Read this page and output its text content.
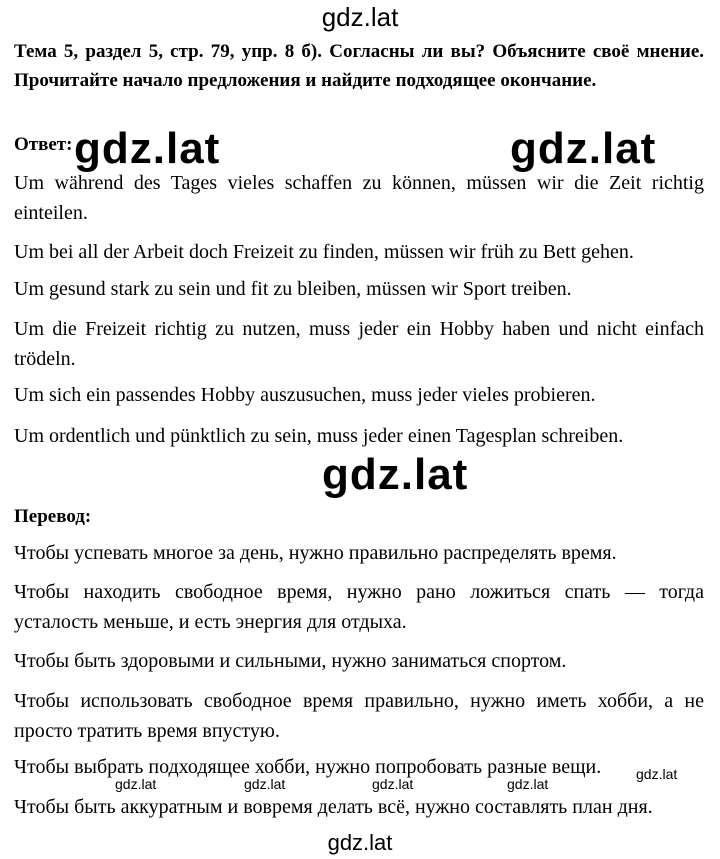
gdz.lat
Тема 5, раздел 5, стр. 79, упр. 8 б). Согласны ли вы? Объясните своё мнение. Прочитайте начало предложения и найдите подходящее окончание.
Ответ: gdz.lat	gdz.lat
Um während des Tages vieles schaffen zu können, müssen wir die Zeit richtig einteilen.
Um bei all der Arbeit doch Freizeit zu finden, müssen wir früh zu Bett gehen.
Um gesund stark zu sein und fit zu bleiben, müssen wir Sport treiben.
Um die Freizeit richtig zu nutzen, muss jeder ein Hobby haben und nicht einfach trödeln.
Um sich ein passendes Hobby auszusuchen, muss jeder vieles probieren.
Um ordentlich und pünktlich zu sein, muss jeder einen Tagesplan schreiben.
gdz.lat
Перевод:
Чтобы успевать многое за день, нужно правильно распределять время.
Чтобы находить свободное время, нужно рано ложиться спать — тогда усталость меньше, и есть энергия для отдыха.
Чтобы быть здоровыми и сильными, нужно заниматься спортом.
Чтобы использовать свободное время правильно, нужно иметь хобби, а не просто тратить время впустую.
Чтобы выбрать подходящее хобби, нужно попробовать разные вещи.
gdz.lat	gdz.lat	gdz.lat	gdz.lat
gdz.lat
Чтобы быть аккуратным и вовремя делать всё, нужно составлять план дня.
gdz.lat
